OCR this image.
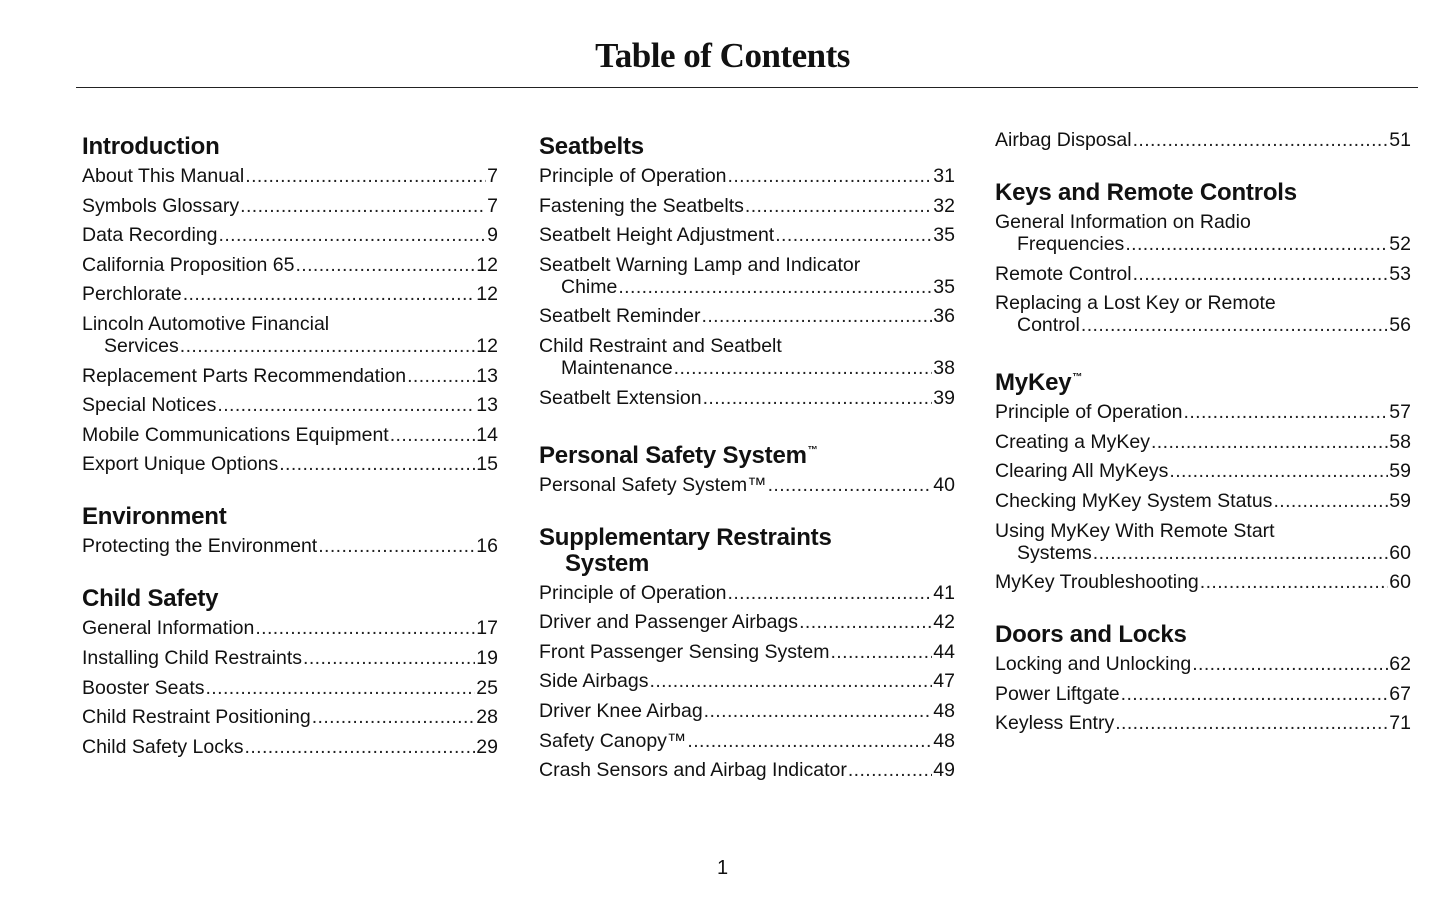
Table of Contents
Introduction
About This Manual .....	7
Symbols Glossary .....	7
Data Recording .....	9
California Proposition 65 .....	12
Perchlorate .....	12
Lincoln Automotive Financial
Services .....	12
Replacement Parts Recommendation .....	13
Special Notices .....	13
Mobile Communications Equipment .....	14
Export Unique Options .....	15
Environment
Protecting the Environment .....	16
Child Safety
General Information .....	17
Installing Child Restraints .....	19
Booster Seats .....	25
Child Restraint Positioning .....	28
Child Safety Locks .....	29
Seatbelts
Principle of Operation .....	31
Fastening the Seatbelts .....	32
Seatbelt Height Adjustment .....	35
Seatbelt Warning Lamp and Indicator
Chime .....	35
Seatbelt Reminder .....	36
Child Restraint and Seatbelt
Maintenance .....	38
Seatbelt Extension .....	39
Personal Safety System™
Personal Safety System™ .....	40
Supplementary Restraints
System
Principle of Operation .....	41
Driver and Passenger Airbags .....	42
Front Passenger Sensing System .....	44
Side Airbags .....	47
Driver Knee Airbag .....	48
Safety Canopy™ .....	48
Crash Sensors and Airbag Indicator .....	49
Airbag Disposal .....	51
Keys and Remote Controls
General Information on Radio
Frequencies .....	52
Remote Control .....	53
Replacing a Lost Key or Remote
Control .....	56
MyKey™
Principle of Operation .....	57
Creating a MyKey .....	58
Clearing All MyKeys .....	59
Checking MyKey System Status .....	59
Using MyKey With Remote Start
Systems .....	60
MyKey Troubleshooting .....	60
Doors and Locks
Locking and Unlocking .....	62
Power Liftgate .....	67
Keyless Entry .....	71
1
